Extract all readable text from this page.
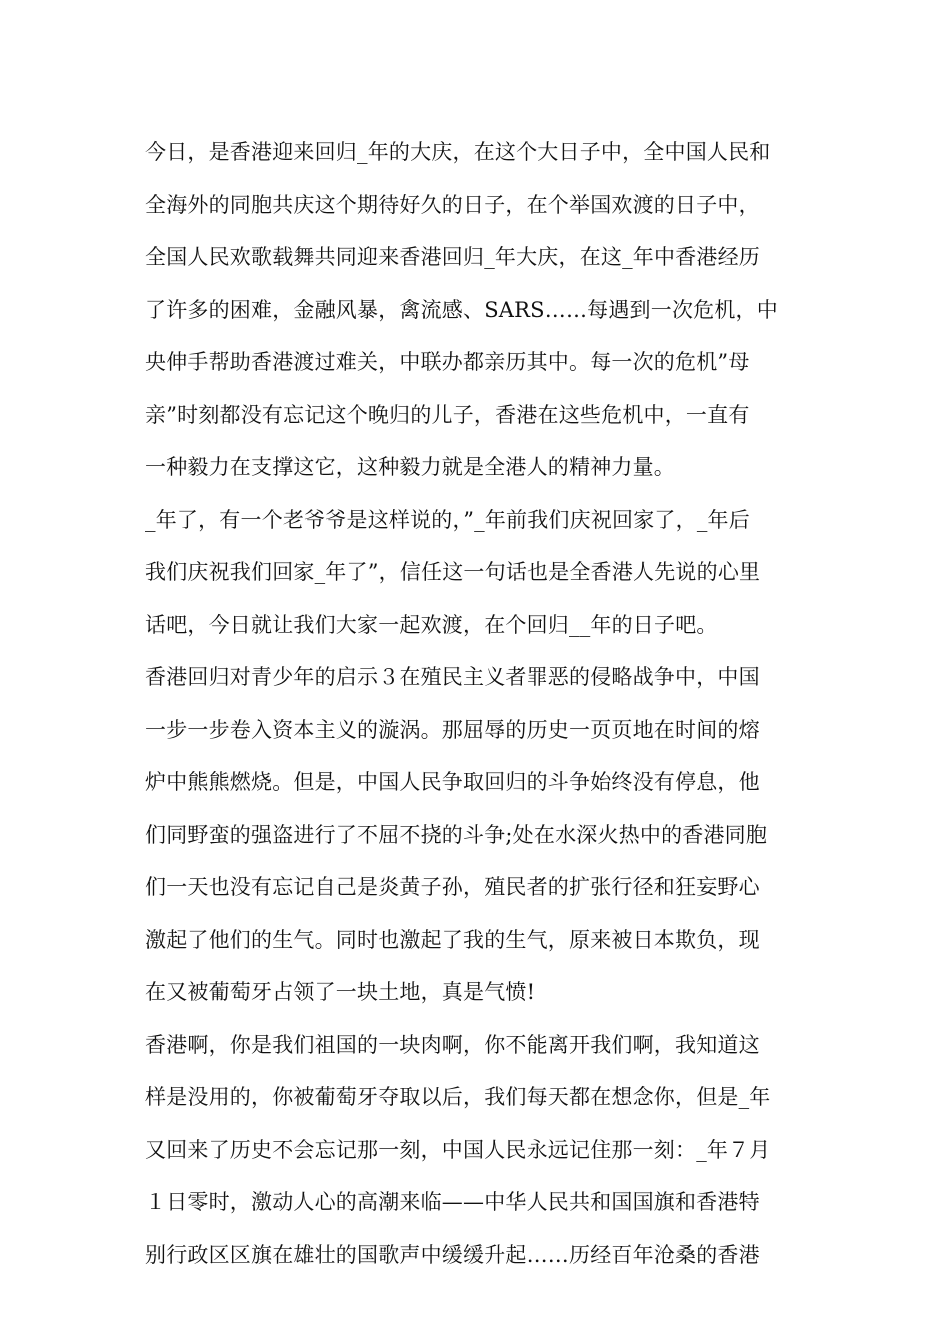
今日，是香港迎来回归_年的大庆，在这个大日子中，全中国人民和
全海外的同胞共庆这个期待好久的日子，在个举国欢渡的日子中，
全国人民欢歌载舞共同迎来香港回归_年大庆，在这_年中香港经历
了许多的困难，金融风暴，禽流感、SARS……每遇到一次危机，中
央伸手帮助香港渡过难关，中联办都亲历其中。每一次的危机”母
亲”时刻都没有忘记这个晚归的儿子，香港在这些危机中，一直有
一种毅力在支撑这它，这种毅力就是全港人的精神力量。
_年了，有一个老爷爷是这样说的，”_年前我们庆祝回家了，_年后
我们庆祝我们回家_年了”，信任这一句话也是全香港人先说的心里
话吧，今日就让我们大家一起欢渡，在个回归__年的日子吧。
香港回归对青少年的启示３在殖民主义者罪恶的侵略战争中，中国
一步一步卷入资本主义的漩涡。那屈辱的历史一页页地在时间的熔
炉中熊熊燃烧。但是，中国人民争取回归的斗争始终没有停息，他
们同野蛮的强盗进行了不屈不挠的斗争;处在水深火热中的香港同胞
们一天也没有忘记自己是炎黄子孙，殖民者的扩张行径和狂妄野心
激起了他们的生气。同时也激起了我的生气，原来被日本欺负，现
在又被葡萄牙占领了一块土地，真是气愤!
香港啊，你是我们祖国的一块肉啊，你不能离开我们啊，我知道这
样是没用的，你被葡萄牙夺取以后，我们每天都在想念你，但是_年
又回来了历史不会忘记那一刻，中国人民永远记住那一刻：_年７月
１日零时，激动人心的高潮来临——中华人民共和国国旗和香港特
别行政区区旗在雄壮的国歌声中缓缓升起……历经百年沧桑的香港
